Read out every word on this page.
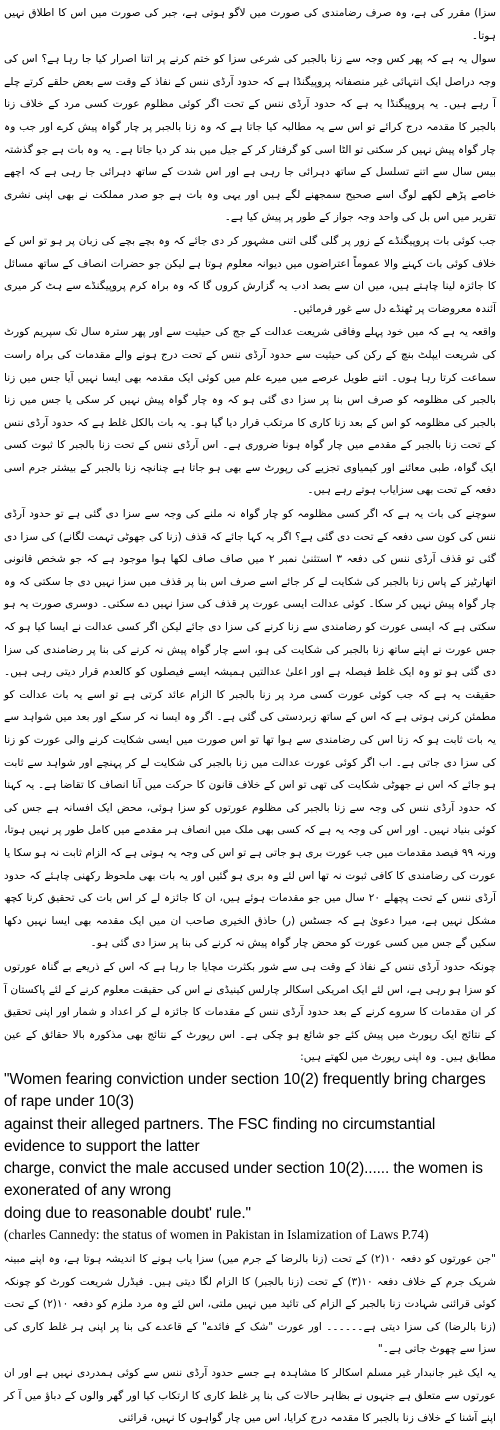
سزا) مقرر کی ہے، وہ صرف رضامندی کی صورت میں لاگو ہوتی ہے، جبر کی صورت میں اس کا اطلاق نہیں ہوتا۔

سوال یہ ہے کہ پھر کس وجہ سے زنا بالجبر کی شرعی سزا کو ختم کرنے پر اتنا اصرار کیا جا رہا ہے؟ اس کی وجہ دراصل ایک انتہائی غیر منصفانہ پروپیگنڈا ہے کہ حدود آرڈی ننس کے نفاذ کے وقت سے بعض حلقے کرتے چلے آ رہے ہیں۔ یہ پروپیگنڈا یہ ہے کہ حدود آرڈی ننس کے تحت اگر کوئی مظلوم عورت کسی مرد کے خلاف زنا بالجبر کا مقدمہ درج کرائے تو اس سے یہ مطالبہ کیا جاتا ہے کہ وہ زنا بالجبر پر چار گواہ پیش کرے اور جب وہ چار گواہ پیش نہیں کر سکتی تو الٹا اسی کو گرفتار کر کے جیل میں بند کر دیا جاتا ہے۔ یہ وہ بات ہے جو گذشتہ بیس سال سے اتنے تسلسل کے ساتھ دہرائی جا رہی ہے اور اس شدت کے ساتھ دہرائی جا رہی ہے کہ اچھے خاصے پڑھے لکھے لوگ اسے صحیح سمجھنے لگے ہیں اور یہی وہ بات ہے جو صدر مملکت نے بھی اپنی نشری تقریر میں اس بل کی واحد وجہ جواز کے طور پر پیش کیا ہے۔

جب کوئی بات پروپیگنڈے کے زور پر گلی گلی اتنی مشہور کر دی جائے کہ وہ بچے بچے کی زبان پر ہو تو اس کے خلاف کوئی بات کہنے والا عموماً اعتراضوں میں دیوانہ معلوم ہوتا ہے لیکن جو حضرات انصاف کے ساتھ مسائل کا جائزہ لینا چاہتے ہیں، میں ان سے بصد ادب یہ گزارش کروں گا کہ وہ براہ کرم پروپیگنڈے سے ہٹ کر میری آئندہ معروضات پر ٹھنڈے دل سے غور فرمائیں۔

واقعہ یہ ہے کہ میں خود پہلے وفاقی شریعت عدالت کے جج کی حیثیت سے اور پھر سترہ سال تک سپریم کورٹ کی شریعت ایپلٹ بنچ کے رکن کی حیثیت سے حدود آرڈی ننس کے تحت درج ہونے والے مقدمات کی براہ راست سماعت کرتا رہا ہوں۔ اتنے طویل عرصے میں میرے علم میں کوئی ایک مقدمہ بھی ایسا نہیں آیا جس میں زنا بالجبر کی مظلومہ کو صرف اس بنا پر سزا دی گئی ہو کہ وہ چار گواہ پیش نہیں کر سکی یا جس میں زنا بالجبر کی مظلومہ کو اس کے بعد زنا کاری کا مرتکب قرار دیا گیا ہو۔ یہ بات بالکل غلط ہے کہ حدود آرڈی ننس کے تحت زنا بالجبر کے مقدمے میں چار گواہ ہونا ضروری ہے۔ اس آرڈی ننس کے تحت زنا بالجبر کا ثبوت کسی ایک گواہ، طبی معائنے اور کیمیاوی تجزیے کی رپورٹ سے بھی ہو جاتا ہے چنانچہ زنا بالجبر کے بیشتر جرم اسی دفعہ کے تحت بھی سزایاب ہوتے رہے ہیں۔

سوچنے کی بات یہ ہے کہ اگر کسی مظلومہ کو چار گواہ نہ ملنے کی وجہ سے سزا دی گئی ہے تو حدود آرڈی ننس کی کون سی دفعہ کے تحت دی گئی ہے؟ اگر یہ کہا جائے کہ قذف (زنا کی جھوٹی تہمت لگانے) کی سزا دی گئی تو قذف آرڈی ننس کی دفعہ ۳ استثنیٰ نمبر ۲ میں صاف صاف لکھا ہوا موجود ہے کہ جو شخص قانونی اتھارٹیز کے پاس زنا بالجبر کی شکایت لے کر جائے اسے صرف اس بنا پر قذف میں سزا نہیں دی جا سکتی کہ وہ چار گواہ پیش نہیں کر سکا۔ کوئی عدالت ایسی عورت پر قذف کی سزا نہیں دے سکتی۔ دوسری صورت یہ ہو سکتی ہے کہ ایسی عورت کو رضامندی سے زنا کرنے کی سزا دی جائے لیکن اگر کسی عدالت نے ایسا کیا ہو کہ جس عورت نے اپنے ساتھ زنا بالجبر کی شکایت کی ہو، اسے چار گواہ پیش نہ کرنے کی بنا پر رضامندی کی سزا دی گئی ہو تو وہ ایک غلط فیصلہ ہے اور اعلیٰ عدالتیں ہمیشہ ایسے فیصلوں کو کالعدم قرار دیتی رہی ہیں۔ حقیقت یہ ہے کہ جب کوئی عورت کسی مرد پر زنا بالجبر کا الزام عائد کرتی ہے تو اسے یہ بات عدالت کو مطمئن کرنی ہوتی ہے کہ اس کے ساتھ زبردستی کی گئی ہے۔ اگر وہ ایسا نہ کر سکے اور بعد میں شواہد سے یہ بات ثابت ہو کہ زنا اس کی رضامندی سے ہوا تھا تو اس صورت میں ایسی شکایت کرنے والی عورت کو زنا کی سزا دی جاتی ہے۔ اب اگر کوئی عورت عدالت میں زنا بالجبر کی شکایت لے کر پہنچے اور شواہد سے ثابت ہو جائے کہ اس نے جھوٹی شکایت کی تھی تو اس کے خلاف قانون کا حرکت میں آنا انصاف کا تقاضا ہے۔ یہ کہنا کہ حدود آرڈی ننس کی وجہ سے زنا بالجبر کی مظلوم عورتوں کو سزا ہوئی، محض ایک افسانہ ہے جس کی کوئی بنیاد نہیں۔ اور اس کی وجہ یہ ہے کہ کسی بھی ملک میں انصاف ہر مقدمے میں کامل طور پر نہیں ہوتا، ورنہ ۹۹ فیصد مقدمات میں جب عورت بری ہو جاتی ہے تو اس کی وجہ یہ ہوتی ہے کہ الزام ثابت نہ ہو سکا یا عورت کی رضامندی کا کافی ثبوت نہ تھا اس لئے وہ بری ہو گئیں اور یہ بات بھی ملحوظ رکھنی چاہئے کہ حدود آرڈی ننس کے تحت پچھلے ۲۰ سال میں جو مقدمات ہوئے ہیں، ان کا جائزہ لے کر اس بات کی تحقیق کرنا کچھ مشکل نہیں ہے، میرا دعویٰ ہے کہ جسٹس (ر) حاذق الخیری صاحب ان میں ایک مقدمہ بھی ایسا نہیں دکھا سکیں گے جس میں کسی عورت کو محض چار گواہ پیش نہ کرنے کی بنا پر سزا دی گئی ہو۔

چونکہ حدود آرڈی ننس کے نفاذ کے وقت ہی سے شور بکثرت مچایا جا رہا ہے کہ اس کے ذریعے بے گناہ عورتوں کو سزا ہو رہی ہے، اس لئے ایک امریکی اسکالر چارلس کینیڈی نے اس کی حقیقت معلوم کرنے کے لئے پاکستان آ کر ان مقدمات کا سروے کرنے کے بعد حدود آرڈی ننس کے مقدمات کا جائزہ لے کر اعداد و شمار اور اپنی تحقیق کے نتائج ایک رپورٹ میں پیش کئے جو شائع ہو چکی ہے۔ اس رپورٹ کے نتائج بھی مذکورہ بالا حقائق کے عین مطابق ہیں۔ وہ اپنی رپورٹ میں لکھتے ہیں:

"Women fearing conviction under section 10(2) frequently bring charges of rape under 10(3)

against their alleged partners. The FSC finding no circumstantial evidence to support the latter

charge, convict the male accused under section 10(2)...... the women is exonerated of any wrong

doing due to reasonable doubt' rule."

(charles Cannedy: the status of women in Pakistan in Islamization of Laws P.74)

"جن عورتوں کو دفعہ ۱۰(۲) کے تحت (زنا بالرضا کے جرم میں) سزا یاب ہونے کا اندیشہ ہوتا ہے، وہ اپنے مبینہ شریک جرم کے خلاف دفعہ ۱۰(۳) کے تحت (زنا بالجبر) کا الزام لگا دیتی ہیں۔ فیڈرل شریعت کورٹ کو چونکہ کوئی قرائنی شہادت زنا بالجبر کے الزام کی تائید میں نہیں ملتی، اس لئے وہ مرد ملزم کو دفعہ ۱۰(۲) کے تحت (زنا بالرضا) کی سزا دیتی ہے۔۔۔۔۔۔ اور عورت "شک کے فائدے" کے قاعدے کی بنا پر اپنی ہر غلط کاری کی سزا سے چھوٹ جاتی ہے۔"

یہ ایک غیر جانبدار غیر مسلم اسکالر کا مشاہدہ ہے جسے حدود آرڈی ننس سے کوئی ہمدردی نہیں ہے اور ان عورتوں سے متعلق ہے جنہوں نے بظاہر حالات کی بنا پر غلط کاری کا ارتکاب کیا اور گھر والوں کے دباؤ میں آ کر اپنے آشنا کے خلاف زنا بالجبر کا مقدمہ درج کرایا، اس میں چار گواہوں کا نہیں، قرائنی
